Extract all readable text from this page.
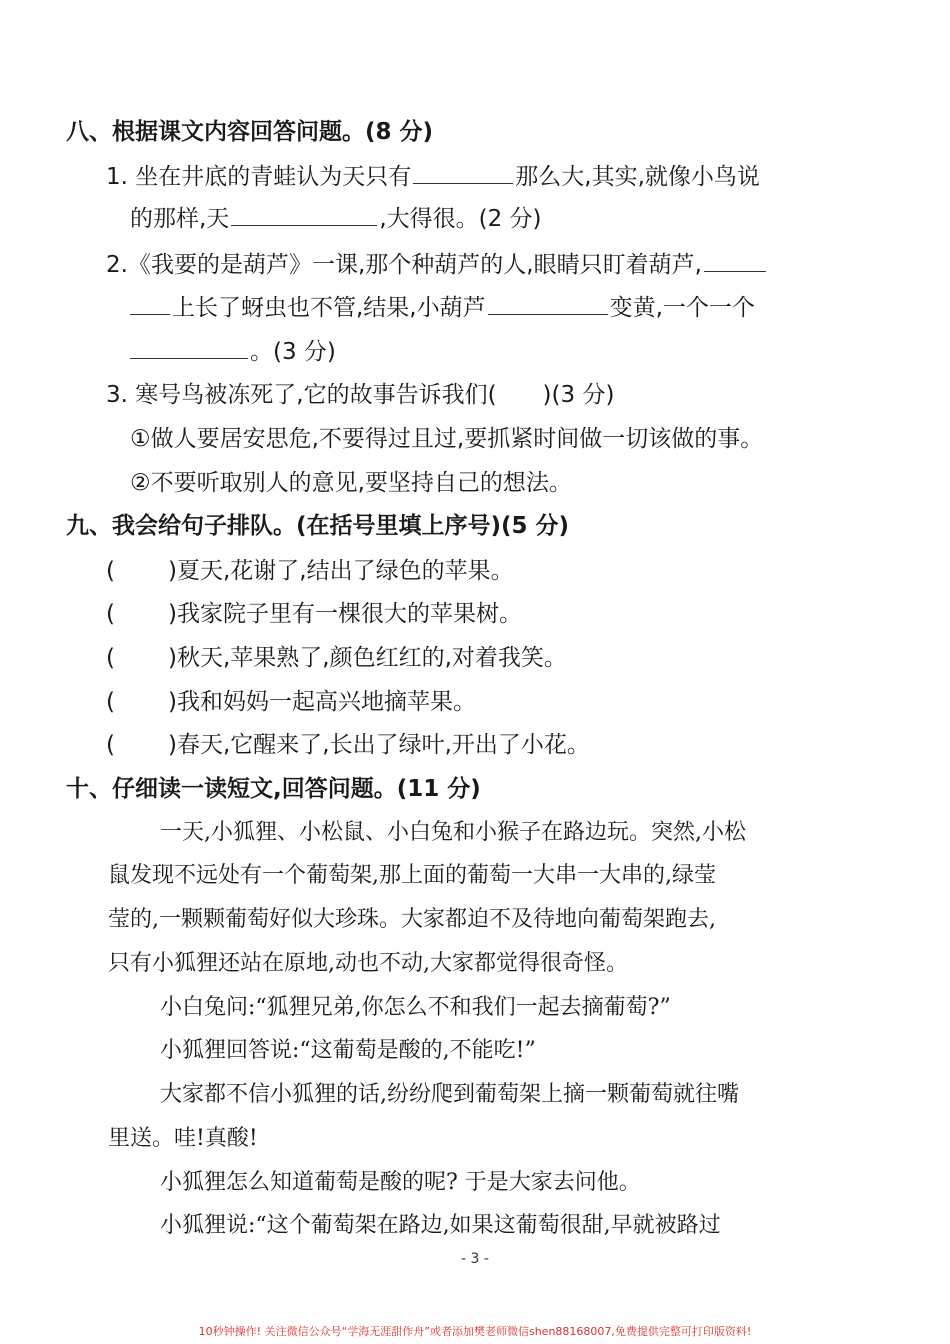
八、根据课文内容回答问题。(8 分)
1. 坐在井底的青蛙认为天只有	那么大,其实,就像小鸟说
的那样,天	,大得很。(2 分)
2.《我要的是葫芦》一课,那个种葫芦的人,眼睛只盯着葫芦,
上长了蚜虫也不管,结果,小葫芦	变黄,一个一个
。(3 分)
3. 寒号鸟被冻死了,它的故事告诉我们( )(3 分)
①做人要居安思危,不要得过且过,要抓紧时间做一切该做的事。
②不要听取别人的意见,要坚持自己的想法。
九、我会给句子排队。(在括号里填上序号)(5 分)
( )夏天,花谢了,结出了绿色的苹果。
( )我家院子里有一棵很大的苹果树。
( )秋天,苹果熟了,颜色红红的,对着我笑。
( )我和妈妈一起高兴地摘苹果。
( )春天,它醒来了,长出了绿叶,开出了小花。
十、仔细读一读短文,回答问题。(11 分)
一天,小狐狸、小松鼠、小白兔和小猴子在路边玩。突然,小松
鼠发现不远处有一个葡萄架,那上面的葡萄一大串一大串的,绿莹
莹的,一颗颗葡萄好似大珍珠。大家都迫不及待地向葡萄架跑去,
只有小狐狸还站在原地,动也不动,大家都觉得很奇怪。
小白兔问:“狐狸兄弟,你怎么不和我们一起去摘葡萄?”
小狐狸回答说:“这葡萄是酸的,不能吃!”
大家都不信小狐狸的话,纷纷爬到葡萄架上摘一颗葡萄就往嘴
里送。哇!真酸!
小狐狸怎么知道葡萄是酸的呢? 于是大家去问他。
小狐狸说:“这个葡萄架在路边,如果这葡萄很甜,早就被路过
- 3 -
10秒钟操作! 关注微信公众号“学海无涯甜作舟”或者添加樊老师微信shen88168007,免费提供完整可打印版资料!
